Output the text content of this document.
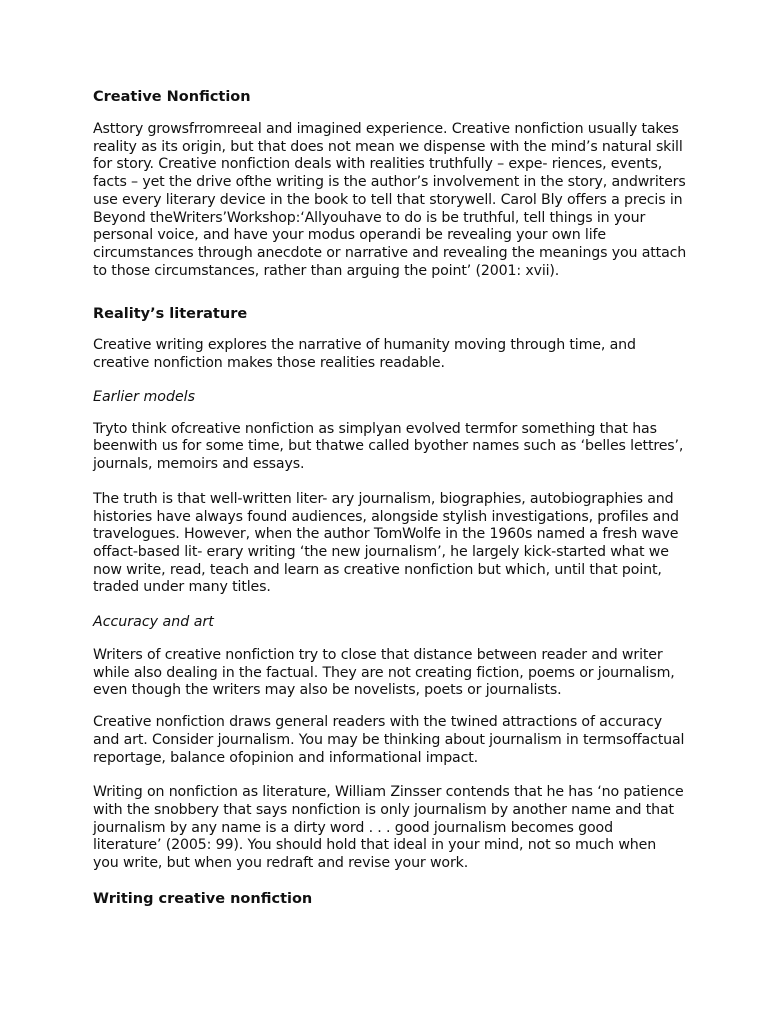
Creative Nonfiction
Asttory growsfrromreeal and imagined experience. Creative nonfiction usually takes
reality as its origin, but that does not mean we dispense with the mind’s natural skill
for story. Creative nonfiction deals with realities truthfully – expe- riences, events,
facts – yet the drive ofthe writing is the author’s involvement in the story, andwriters
use every literary device in the book to tell that storywell. Carol Bly offers a precis in
Beyond theWriters’Workshop:‘Allyouhave to do is be truthful, tell things in your
personal voice, and have your modus operandi be revealing your own life
circumstances through anecdote or narrative and revealing the meanings you attach
to those circumstances, rather than arguing the point’ (2001: xvii).
Reality’s literature
Creative writing explores the narrative of humanity moving through time, and
creative nonfiction makes those realities readable.
Earlier models
Tryto think ofcreative nonfiction as simplyan evolved termfor something that has
beenwith us for some time, but thatwe called byother names such as ‘belles lettres’,
journals, memoirs and essays.
The truth is that well-written liter- ary journalism, biographies, autobiographies and
histories have always found audiences, alongside stylish investigations, profiles and
travelogues. However, when the author TomWolfe in the 1960s named a fresh wave
offact-based lit- erary writing ‘the new journalism’, he largely kick-started what we
now write, read, teach and learn as creative nonfiction but which, until that point,
traded under many titles.
Accuracy and art
Writers of creative nonfiction try to close that distance between reader and writer
while also dealing in the factual. They are not creating fiction, poems or journalism,
even though the writers may also be novelists, poets or journalists.
Creative nonfiction draws general readers with the twined attractions of accuracy
and art. Consider journalism. You may be thinking about journalism in termsoffactual
reportage, balance ofopinion and informational impact.
Writing on nonfiction as literature, William Zinsser contends that he has ‘no patience
with the snobbery that says nonfiction is only journalism by another name and that
journalism by any name is a dirty word . . . good journalism becomes good
literature’ (2005: 99). You should hold that ideal in your mind, not so much when
you write, but when you redraft and revise your work.
Writing creative nonfiction
